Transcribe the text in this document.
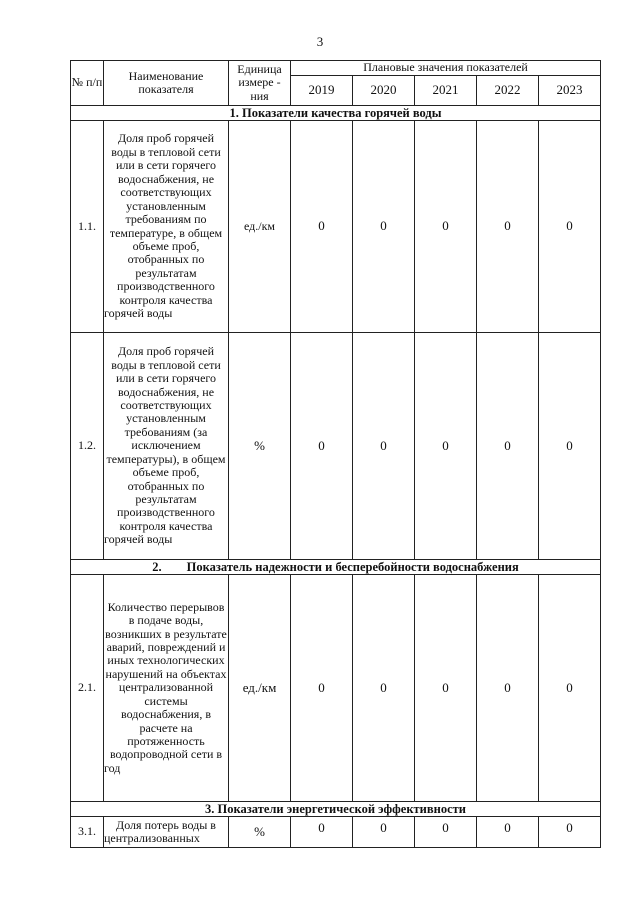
3
№ п/п	Наименование показателя	Единица измере - ния	Плановые значения показателей				
			2019	2020	2021	2022	2023
1. Показатели качества горячей воды							
1.1.	Доля проб горячей воды в тепловой сети или в сети горячего водоснабжения, не соответствующих установленным требованиям по температуре, в общем объеме проб, отобранных по результатам производственного контроля качества горячей воды	ед./км	0	0	0	0	0
1.2.	Доля проб горячей воды в тепловой сети или в сети горячего водоснабжения, не соответствующих установленным требованиям (за исключением температуры), в общем объеме проб, отобранных по результатам производственного контроля качества горячей воды	%	0	0	0	0	0
2.        Показатель надежности и бесперебойности водоснабжения							
2.1.	Количество перерывов в подаче воды, возникших в результате аварий, повреждений и иных технологических нарушений на объектах централизованной системы водоснабжения, в расчете на протяженность водопроводной сети в год	ед./км	0	0	0	0	0
3. Показатели энергетической эффективности							
3.1.	Доля потерь воды в централизованных	%	0	0	0	0	0
